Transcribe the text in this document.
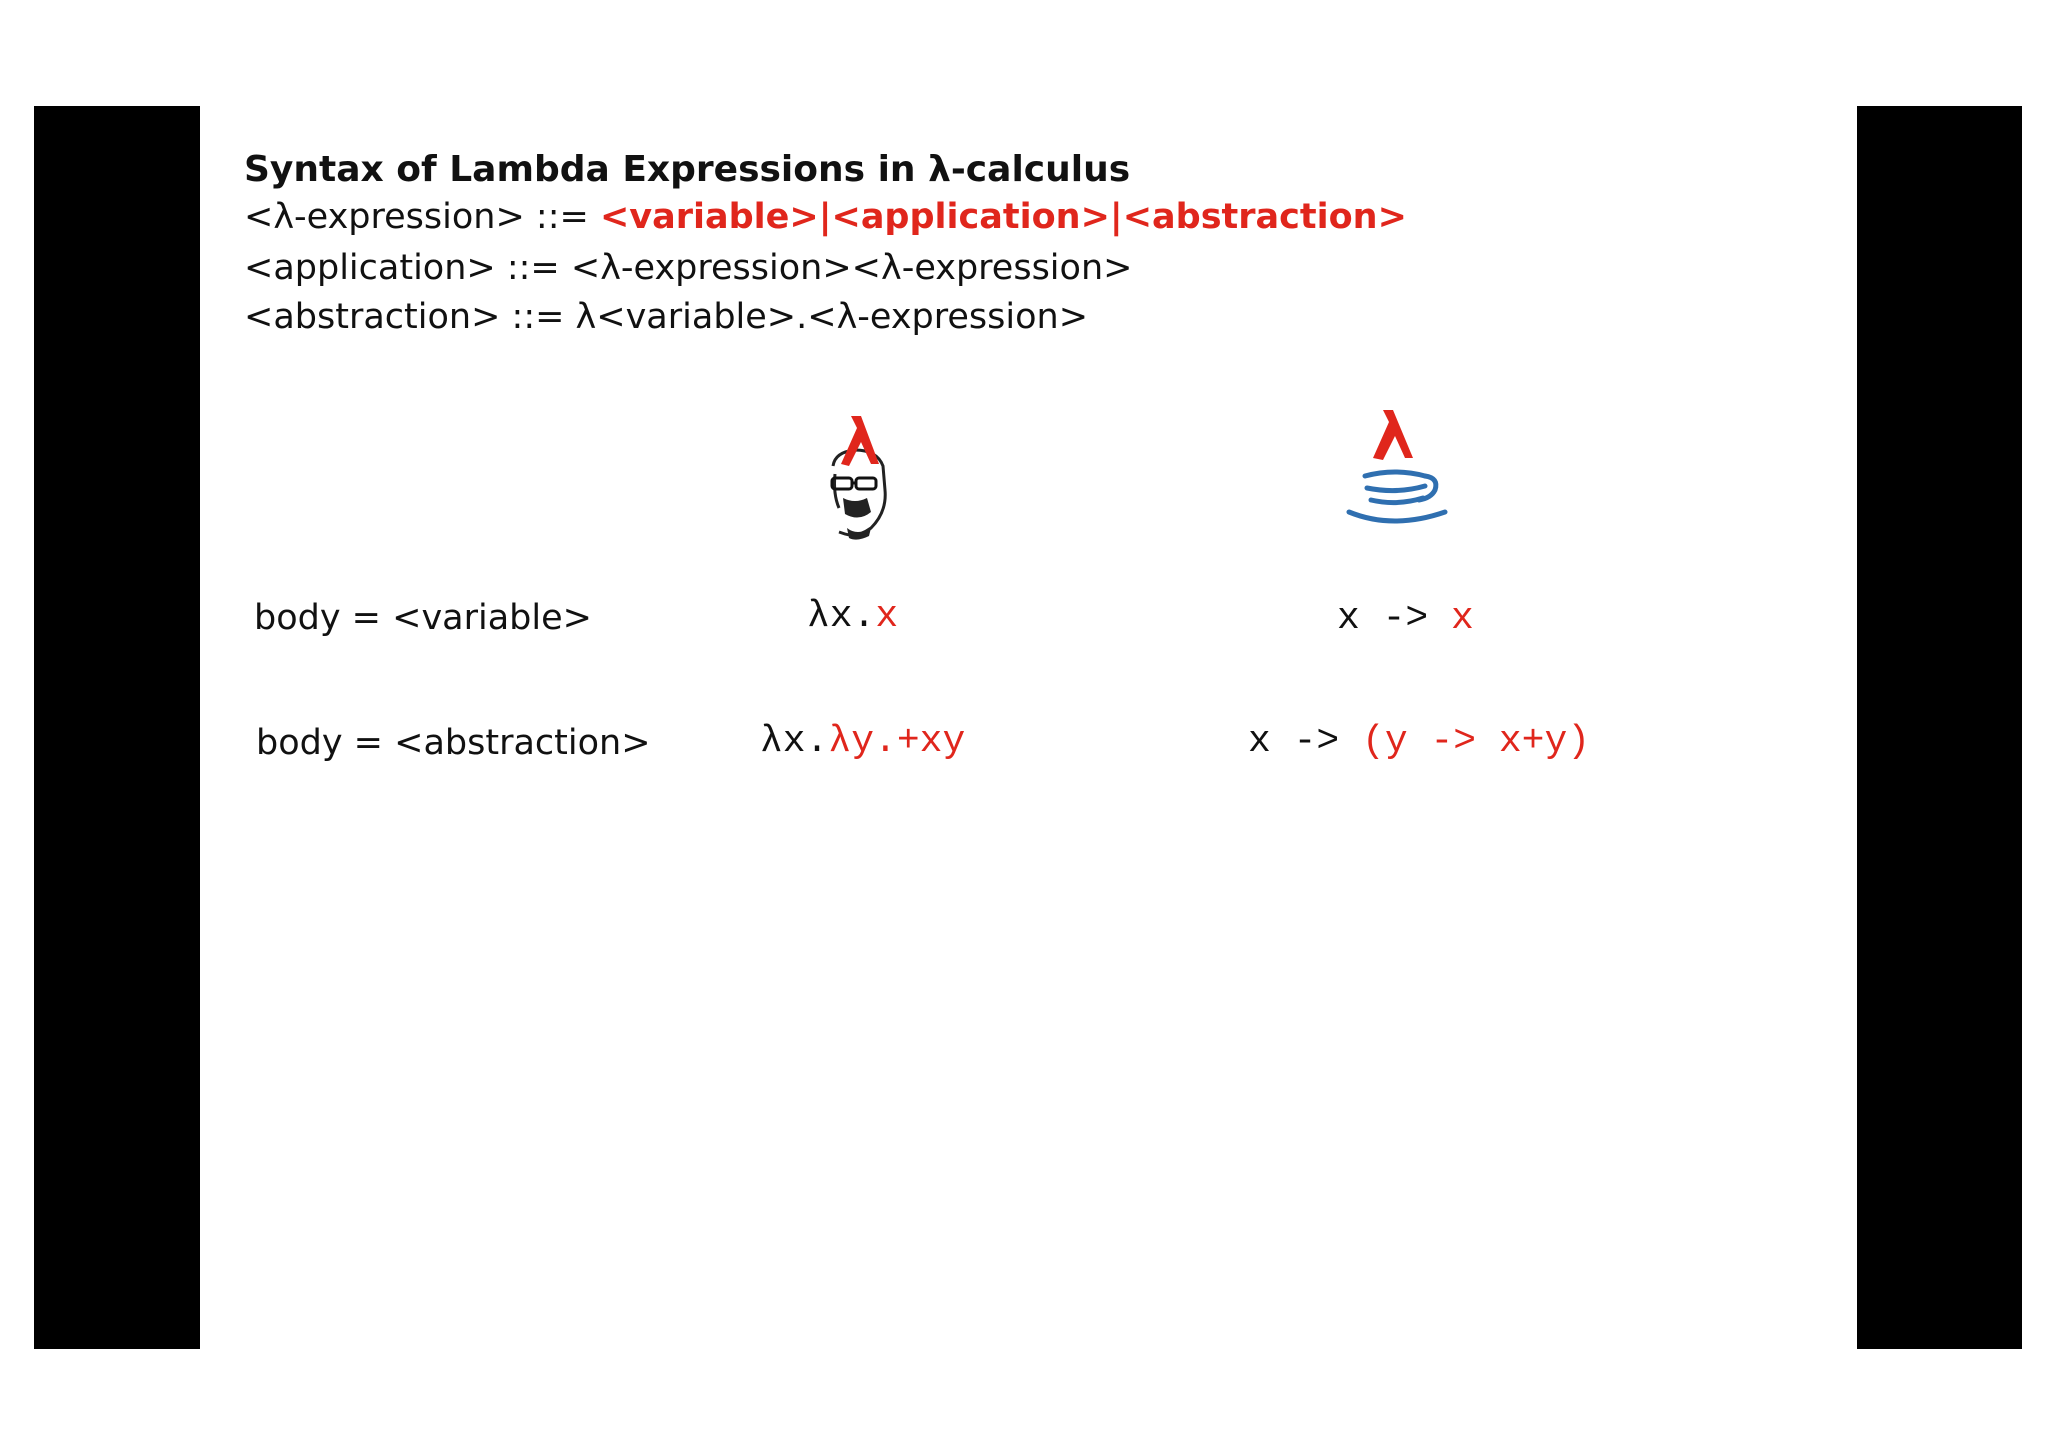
Syntax of Lambda Expressions in λ-calculus
<λ-expression> ::= <variable>|<application>|<abstraction>
<application> ::= <λ-expression><λ-expression>
<abstraction> ::= λ<variable>.<λ-expression>
body = <variable>	λx.x	x -> x
body = <abstraction>	λx.λy.+xy	x -> (y -> x+y)
